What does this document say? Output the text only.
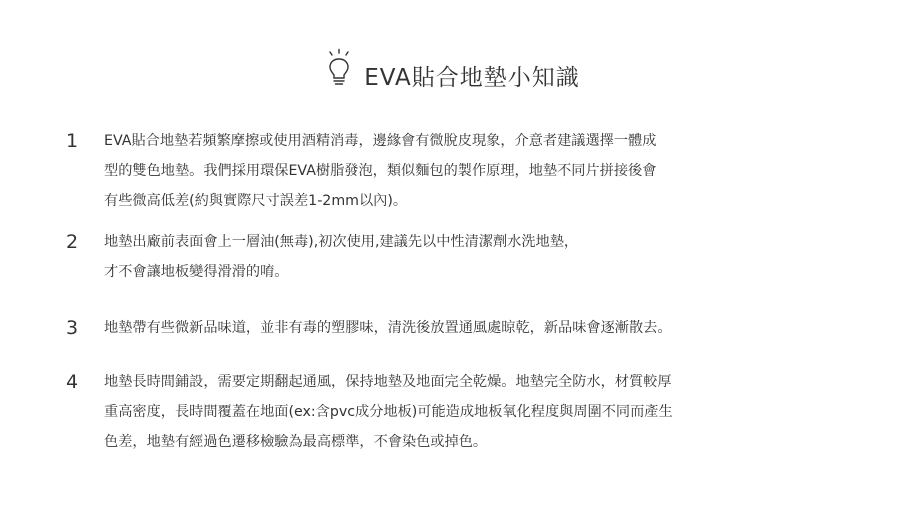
EVA貼合地墊小知識
1	EVA貼合地墊若頻繁摩擦或使用酒精消毒，邊緣會有微脫皮現象，介意者建議選擇一體成
型的雙色地墊。我們採用環保EVA樹脂發泡，類似麵包的製作原理，地墊不同片拼接後會
有些微高低差(約與實際尺寸誤差1-2mm以內)。
2	地墊出廠前表面會上一層油(無毒),初次使用,建議先以中性清潔劑水洗地墊，
才不會讓地板變得滑滑的唷。
3	地墊帶有些微新品味道，並非有毒的塑膠味，清洗後放置通風處晾乾，新品味會逐漸散去。
4	地墊長時間鋪設，需要定期翻起通風，保持地墊及地面完全乾燥。地墊完全防水，材質較厚
重高密度，長時間覆蓋在地面(ex:含pvc成分地板)可能造成地板氧化程度與周圍不同而產生
色差，地墊有經過色遷移檢驗為最高標準，不會染色或掉色。
